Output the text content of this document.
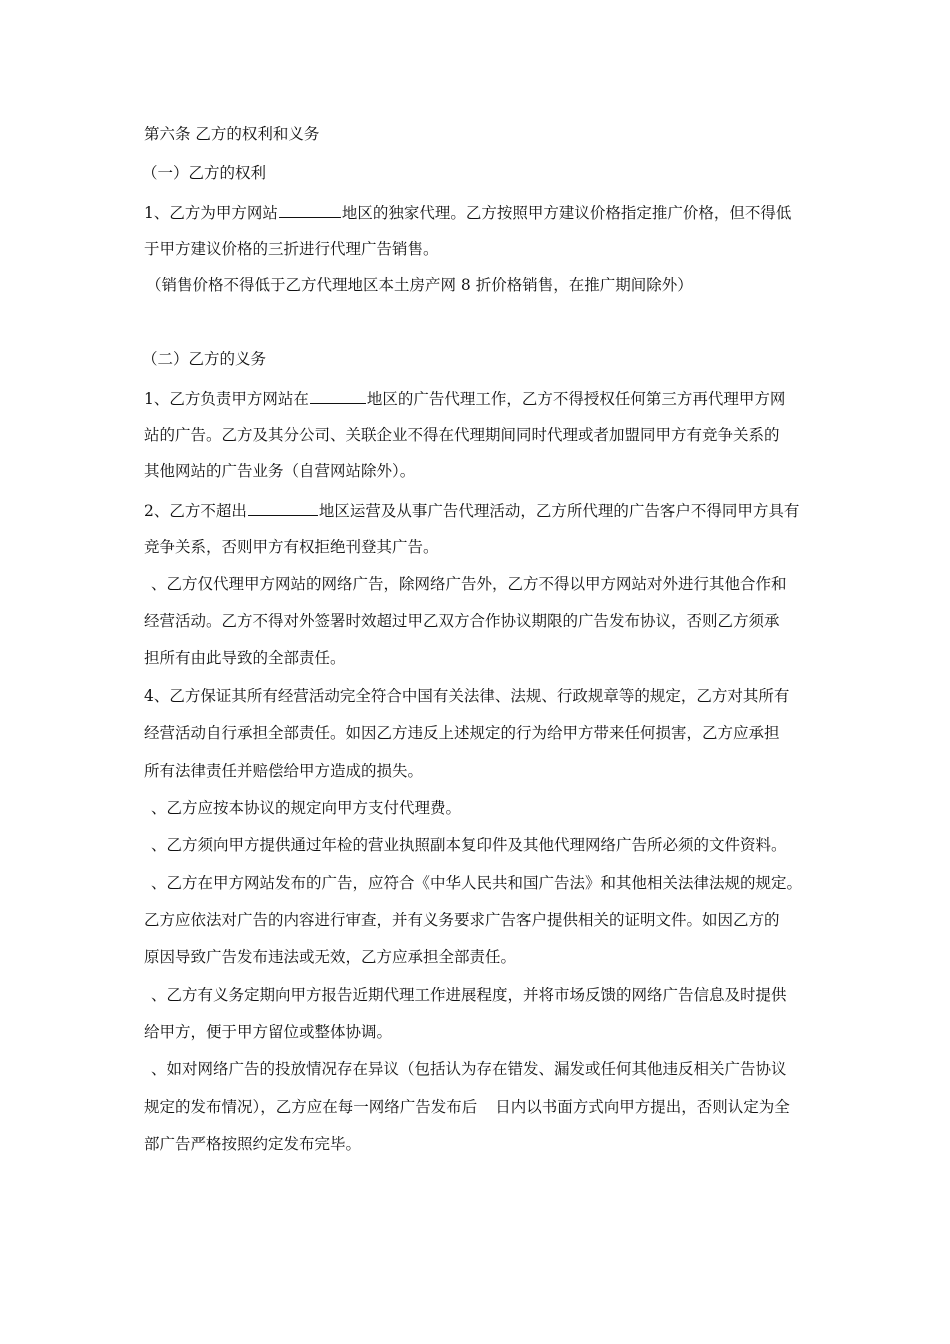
第六条 乙方的权利和义务
（一）乙方的权利
1、乙方为甲方网站	地区的独家代理。乙方按照甲方建议价格指定推广价格，但不得低
于甲方建议价格的三折进行代理广告销售。
（销售价格不得低于乙方代理地区本土房产网 8 折价格销售，在推广期间除外）
（二）乙方的义务
1、乙方负责甲方网站在	地区的广告代理工作，乙方不得授权任何第三方再代理甲方网
站的广告。乙方及其分公司、关联企业不得在代理期间同时代理或者加盟同甲方有竞争关系的
其他网站的广告业务（自营网站除外）。
2、乙方不超出	地区运营及从事广告代理活动，乙方所代理的广告客户不得同甲方具有
竞争关系，否则甲方有权拒绝刊登其广告。
、乙方仅代理甲方网站的网络广告，除网络广告外，乙方不得以甲方网站对外进行其他合作和
经营活动。乙方不得对外签署时效超过甲乙双方合作协议期限的广告发布协议，否则乙方须承
担所有由此导致的全部责任。
4、乙方保证其所有经营活动完全符合中国有关法律、法规、行政规章等的规定，乙方对其所有
经营活动自行承担全部责任。如因乙方违反上述规定的行为给甲方带来任何损害，乙方应承担
所有法律责任并赔偿给甲方造成的损失。
、乙方应按本协议的规定向甲方支付代理费。
、乙方须向甲方提供通过年检的营业执照副本复印件及其他代理网络广告所必须的文件资料。
、乙方在甲方网站发布的广告，应符合《中华人民共和国广告法》和其他相关法律法规的规定。
乙方应依法对广告的内容进行审查，并有义务要求广告客户提供相关的证明文件。如因乙方的
原因导致广告发布违法或无效，乙方应承担全部责任。
、乙方有义务定期向甲方报告近期代理工作进展程度，并将市场反馈的网络广告信息及时提供
给甲方，便于甲方留位或整体协调。
、如对网络广告的投放情况存在异议（包括认为存在错发、漏发或任何其他违反相关广告协议
规定的发布情况），乙方应在每一网络广告发布后 日内以书面方式向甲方提出，否则认定为全
部广告严格按照约定发布完毕。
